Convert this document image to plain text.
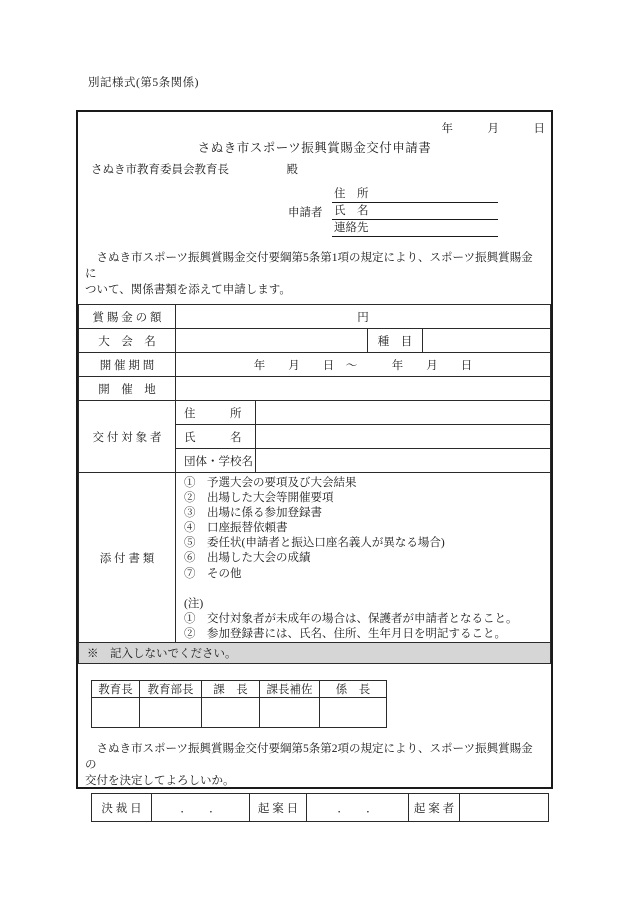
別記様式(第5条関係)
年　　　月　　　日
さぬき市スポーツ振興賞賜金交付申請書
さぬき市教育委員会教育長　　　　　殿
住　所
申請者	氏　名
連絡先
　さぬき市スポーツ振興賞賜金交付要綱第5条第1項の規定により、スポーツ振興賞賜金に
ついて、関係書類を添えて申請します。
賞 賜 金 の 額	円			
大　会　名			種　目	
開 催 期 間	年　　月　　日　～　　　年　　月　　日			
開　催　地				
交 付 対 象 者	住　　　所			
	氏　　　名			
	団体・学校名			
添 付 書 類	
①　予選大会の要項及び大会結果
②　出場した大会等開催要項
③　出場に係る参加登録書
④　口座振替依頼書
⑤　委任状(申請者と振込口座名義人が異なる場合)
⑥　出場した大会の成績
⑦　その他
(注)
①　交付対象者が未成年の場合は、保護者が申請者となること。
②　参加登録書には、氏名、住所、生年月日を明記すること。

※　記入しないでください。				
教育長	教育部長	課　長	課長補佐	係　長

　さぬき市スポーツ振興賞賜金交付要綱第5条第2項の規定により、スポーツ振興賞賜金の
交付を決定してよろしいか。
決 裁 日	．　　．	起 案 日	．　　．	起 案 者	
